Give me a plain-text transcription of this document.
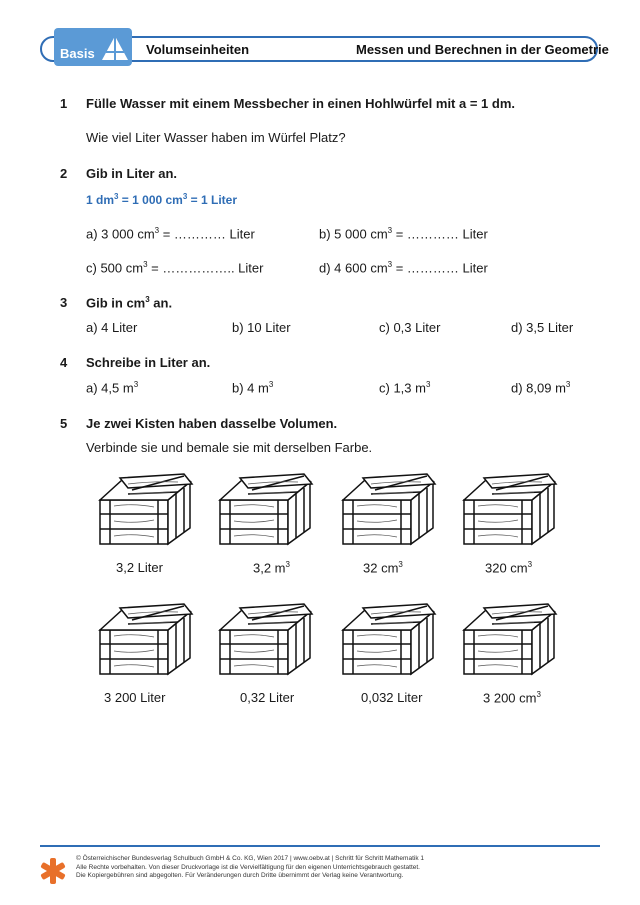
Basis	Volumseinheiten	Messen und Berechnen in der Geometrie
1 Fülle Wasser mit einem Messbecher in einen Hohlwürfel mit a = 1 dm.
Wie viel Liter Wasser haben im Würfel Platz?
2 Gib in Liter an.
1 $dm^3 = 1$ 000 $cm^3 = 1$ Liter
a) 3 000 $cm^3$ = ………… Liter	b) 5 000 $cm^3$ = ………… Liter
c) 500 $cm^3$ = …………….. Liter	d) 4 600 $cm^3$ = ………… Liter
3 Gib in $cm^3$ an.
a) 4 Liter	b) 10 Liter	c) 0,3 Liter	d) 3,5 Liter
4 Schreibe in Liter an.
a) 4,5 $m^3$	b) 4 $m^3$	c) 1,3 $m^3$	d) 8,09 $m^3$
5 Je zwei Kisten haben dasselbe Volumen.
Verbinde sie und bemale sie mit derselben Farbe.
3,2 Liter	3,2 $m^3$	32 $cm^3$	320 $cm^3$
3 200 Liter	0,32 Liter	0,032 Liter	3 200 $cm^3$
© Österreichischer Bundesverlag Schulbuch GmbH & Co. KG, Wien 2017 | www.oebv.at | Schritt für Schritt Mathematik 1
Alle Rechte vorbehalten. Von dieser Druckvorlage ist die Vervielfältigung für den eigenen Unterrichtsgebrauch gestattet.
Die Kopiergebühren sind abgegolten. Für Veränderungen durch Dritte übernimmt der Verlag keine Verantwortung.
